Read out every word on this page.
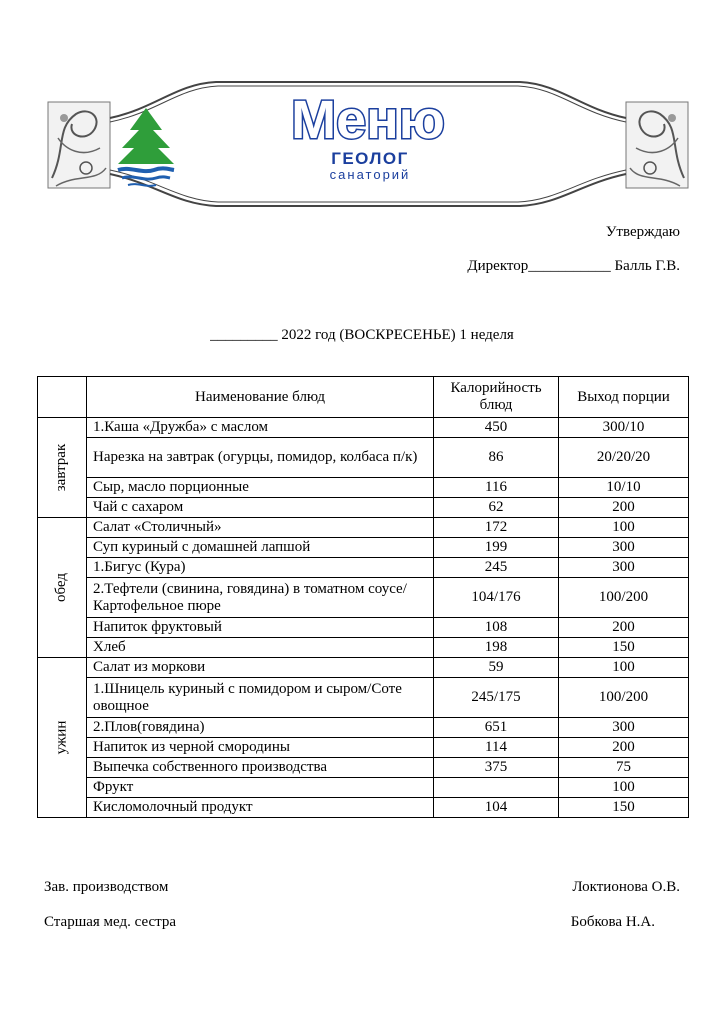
Меню
ГЕОЛОГ
санаторий
Утверждаю
Директор___________ Балль Г.В.
_________ 2022 год (ВОСКРЕСЕНЬЕ) 1 неделя
	Наименование блюд	Калорийность блюд	Выход порции
завтрак	1.Каша «Дружба» с маслом	450	300/10
	Нарезка на завтрак (огурцы, помидор, колбаса п/к)	86	20/20/20
	Сыр, масло порционные	116	10/10
	Чай с сахаром	62	200
обед	Салат «Столичный»	172	100
	Суп куриный с домашней лапшой	199	300
	1.Бигус (Кура)	245	300
	2.Тефтели (свинина, говядина) в томатном соусе/Картофельное пюре	104/176	100/200
	Напиток фруктовый	108	200
	Хлеб	198	150
ужин	Салат из моркови	59	100
	1.Шницель куриный с помидором и сыром/Соте овощное	245/175	100/200
	2.Плов(говядина)	651	300
	Напиток из черной смородины	114	200
	Выпечка собственного производства	375	75
	Фрукт		100
	Кисломолочный продукт	104	150
Зав. производством	Локтионова О.В.
Старшая мед. сестра	Бобкова Н.А.
